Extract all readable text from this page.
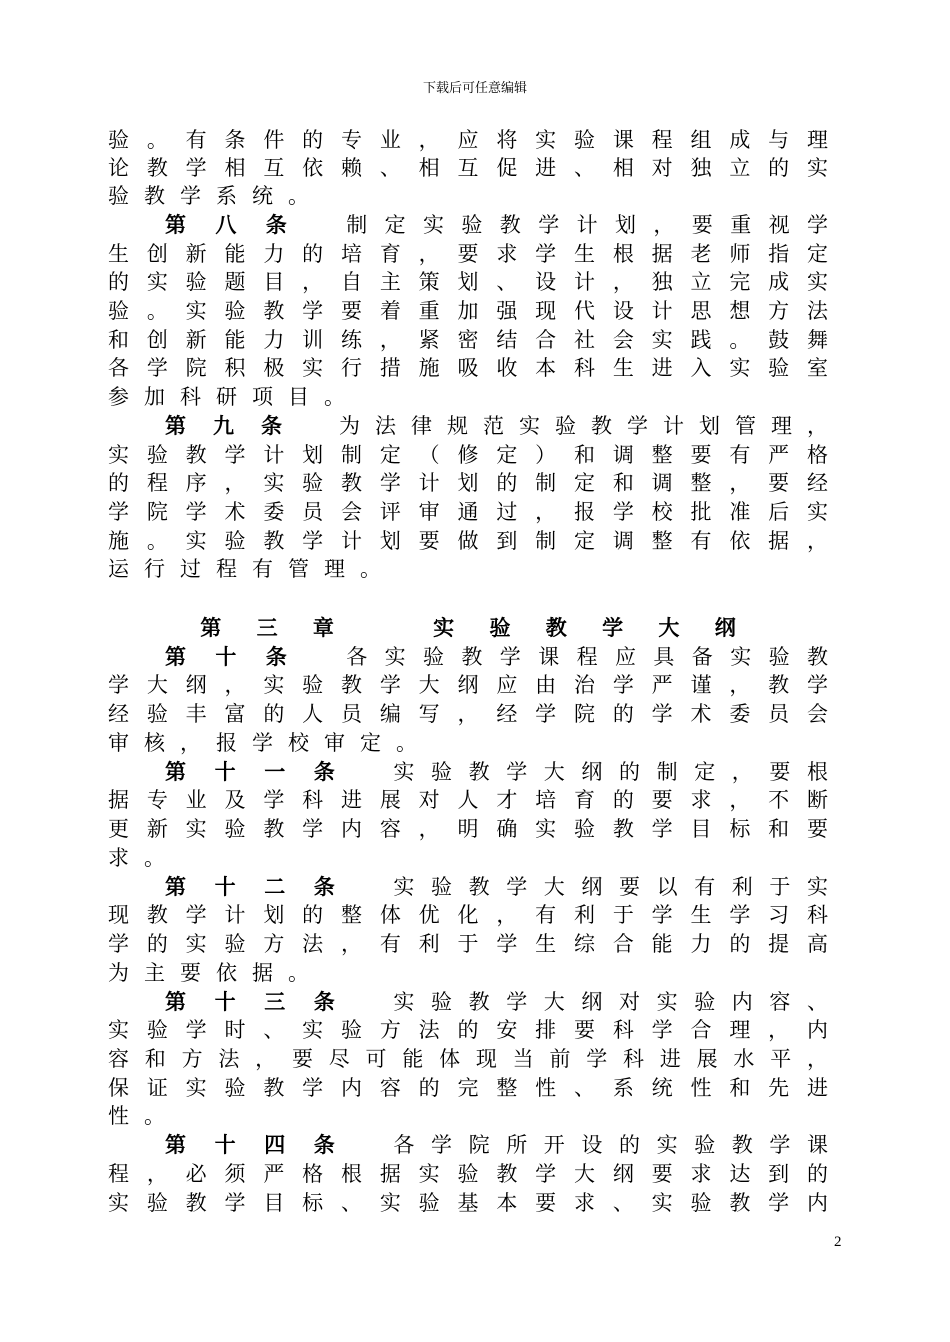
下载后可任意编辑
验。有条件的专业，应将实验课程组成与理
论教学相互依赖、相互促进、相对独立的实
验教学系统。
第八条 制定实验教学计划，要重视学
生创新能力的培育，要求学生根据老师指定
的实验题目，自主策划、设计，独立完成实
验。实验教学要着重加强现代设计思想方法
和创新能力训练，紧密结合社会实践。鼓舞
各学院积极实行措施吸收本科生进入实验室
参加科研项目。
第九条 为法律规范实验教学计划管理，
实验教学计划制定（修定）和调整要有严格
的程序，实验教学计划的制定和调整，要经
学院学术委员会评审通过，报学校批准后实
施。实验教学计划要做到制定调整有依据，
运行过程有管理。
第十条 各实验教学课程应具备实验教
学大纲，实验教学大纲应由治学严谨，教学
经验丰富的人员编写，经学院的学术委员会
审核，报学校审定。
第十一条 实验教学大纲的制定，要根
据专业及学科进展对人才培育的要求，不断
更新实验教学内容，明确实验教学目标和要
求。
第十二条 实验教学大纲要以有利于实
现教学计划的整体优化，有利于学生学习科
学的实验方法，有利于学生综合能力的提高
为主要依据。
第十三条 实验教学大纲对实验内容、
实验学时、实验方法的安排要科学合理，内
容和方法，要尽可能体现当前学科进展水平，
保证实验教学内容的完整性、系统性和先进
性。
第十四条 各学院所开设的实验教学课
程，必须严格根据实验教学大纲要求达到的
实验教学目标、实验基本要求、实验教学内
第 三 章    实 验 教 学 大 纲
2
